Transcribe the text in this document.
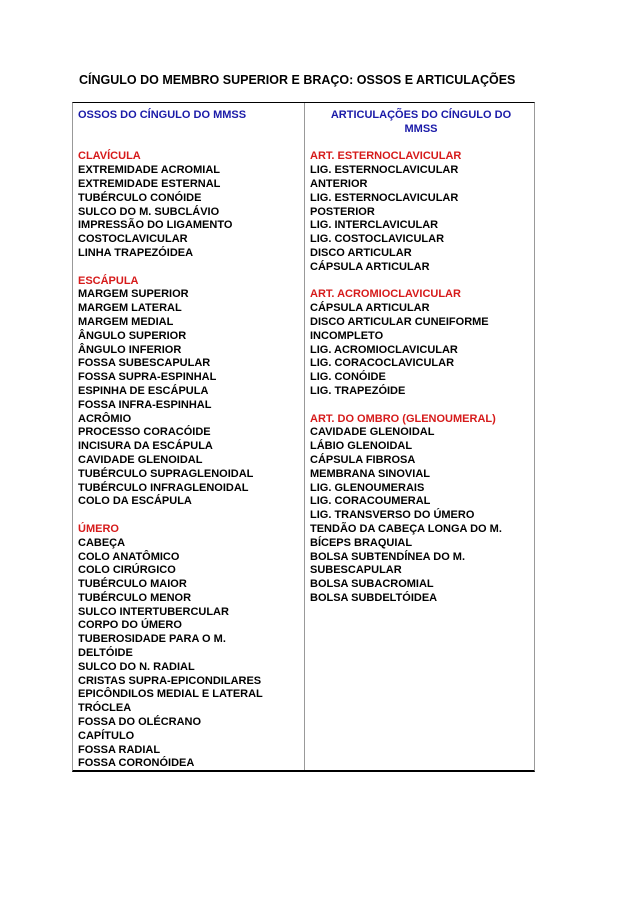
CÍNGULO DO MEMBRO SUPERIOR E BRAÇO: OSSOS E ARTICULAÇÕES
OSSOS DO CÍNGULO DO MMSS
CLAVÍCULA
EXTREMIDADE ACROMIAL
EXTREMIDADE ESTERNAL
TUBÉRCULO CONÓIDE
SULCO DO M. SUBCLÁVIO
IMPRESSÃO DO LIGAMENTO
COSTOCLAVICULAR
LINHA TRAPEZÓIDEA
ESCÁPULA
MARGEM SUPERIOR
MARGEM LATERAL
MARGEM MEDIAL
ÂNGULO SUPERIOR
ÂNGULO INFERIOR
FOSSA SUBESCAPULAR
FOSSA SUPRA-ESPINHAL
ESPINHA DE ESCÁPULA
FOSSA INFRA-ESPINHAL
ACRÔMIO
PROCESSO CORACÓIDE
INCISURA DA ESCÁPULA
CAVIDADE GLENOIDAL
TUBÉRCULO SUPRAGLENOIDAL
TUBÉRCULO INFRAGLENOIDAL
COLO DA ESCÁPULA
ÚMERO
CABEÇA
COLO ANATÔMICO
COLO CIRÚRGICO
TUBÉRCULO MAIOR
TUBÉRCULO MENOR
SULCO INTERTUBERCULAR
CORPO DO ÚMERO
TUBEROSIDADE PARA O M.
DELTÓIDE
SULCO DO N. RADIAL
CRISTAS SUPRA-EPICONDILARES
EPICÔNDILOS MEDIAL E LATERAL
TRÓCLEA
FOSSA DO OLÉCRANO
CAPÍTULO
FOSSA RADIAL
FOSSA CORONÓIDEA
ARTICULAÇÕES DO CÍNGULO DO
MMSS
ART. ESTERNOCLAVICULAR
LIG. ESTERNOCLAVICULAR
ANTERIOR
LIG. ESTERNOCLAVICULAR
POSTERIOR
LIG. INTERCLAVICULAR
LIG. COSTOCLAVICULAR
DISCO ARTICULAR
CÁPSULA ARTICULAR
ART. ACROMIOCLAVICULAR
CÁPSULA ARTICULAR
DISCO ARTICULAR CUNEIFORME
INCOMPLETO
LIG. ACROMIOCLAVICULAR
LIG. CORACOCLAVICULAR
LIG. CONÓIDE
LIG. TRAPEZÓIDE
ART. DO OMBRO (GLENOUMERAL)
CAVIDADE GLENOIDAL
LÁBIO GLENOIDAL
CÁPSULA FIBROSA
MEMBRANA SINOVIAL
LIG. GLENOUMERAIS
LIG. CORACOUMERAL
LIG. TRANSVERSO DO ÚMERO
TENDÃO DA CABEÇA LONGA DO M.
BÍCEPS BRAQUIAL
BOLSA SUBTENDÍNEA DO M.
SUBESCAPULAR
BOLSA SUBACROMIAL
BOLSA SUBDELTÓIDEA
